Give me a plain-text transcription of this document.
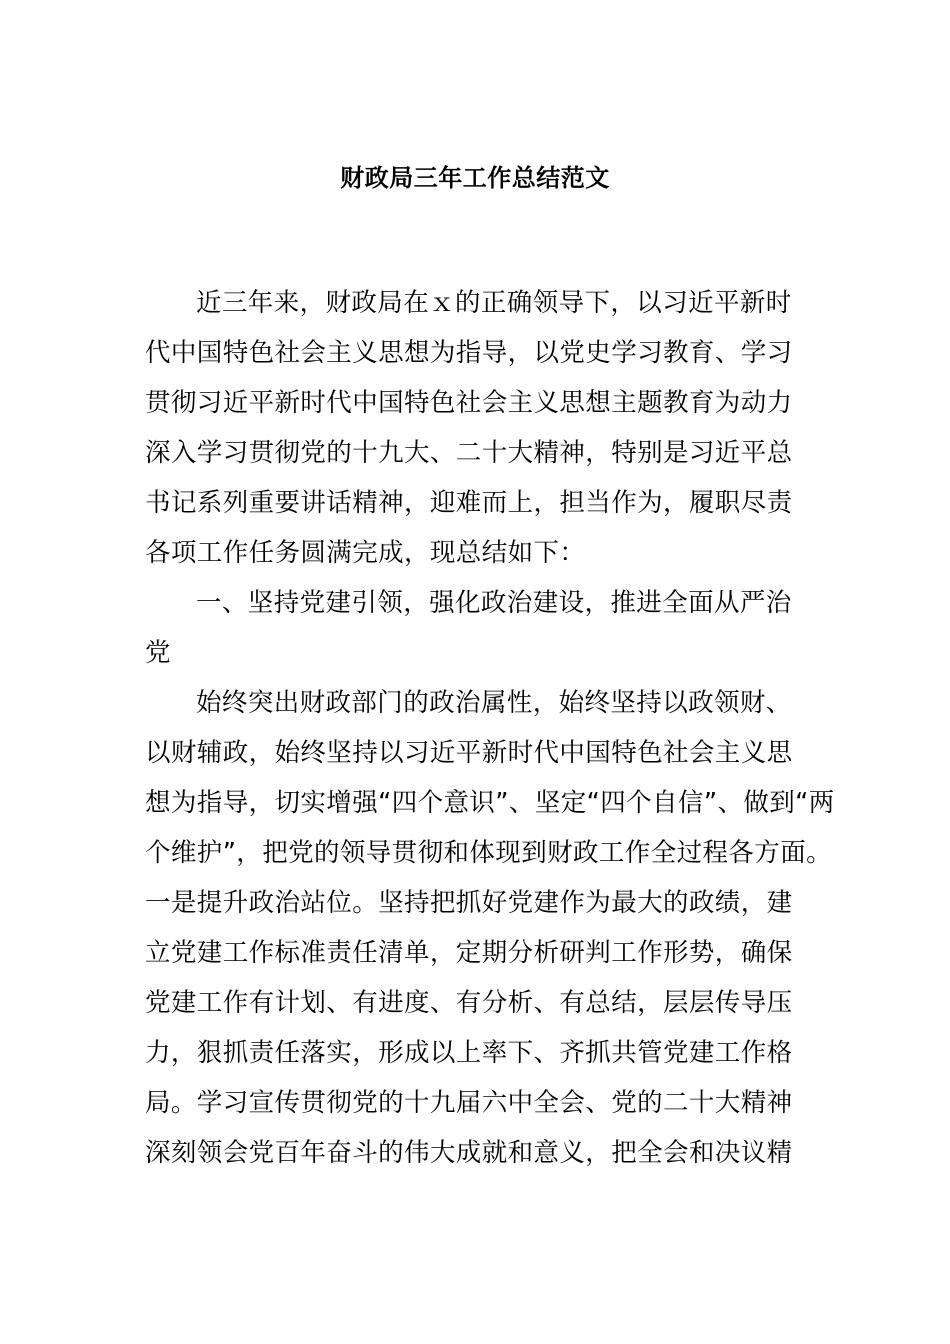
财政局三年工作总结范文
近三年来，财政局在ｘ的正确领导下，以习近平新时
代中国特色社会主义思想为指导，以党史学习教育、学习
贯彻习近平新时代中国特色社会主义思想主题教育为动力
深入学习贯彻党的十九大、二十大精神，特别是习近平总
书记系列重要讲话精神，迎难而上，担当作为，履职尽责
各项工作任务圆满完成，现总结如下：
一、坚持党建引领，强化政治建设，推进全面从严治
党
始终突出财政部门的政治属性，始终坚持以政领财、
以财辅政，始终坚持以习近平新时代中国特色社会主义思
想为指导，切实增强“四个意识”、坚定“四个自信”、做到“两
个维护”，把党的领导贯彻和体现到财政工作全过程各方面。
一是提升政治站位。坚持把抓好党建作为最大的政绩，建
立党建工作标准责任清单，定期分析研判工作形势，确保
党建工作有计划、有进度、有分析、有总结，层层传导压
力，狠抓责任落实，形成以上率下、齐抓共管党建工作格
局。学习宣传贯彻党的十九届六中全会、党的二十大精神
深刻领会党百年奋斗的伟大成就和意义，把全会和决议精
